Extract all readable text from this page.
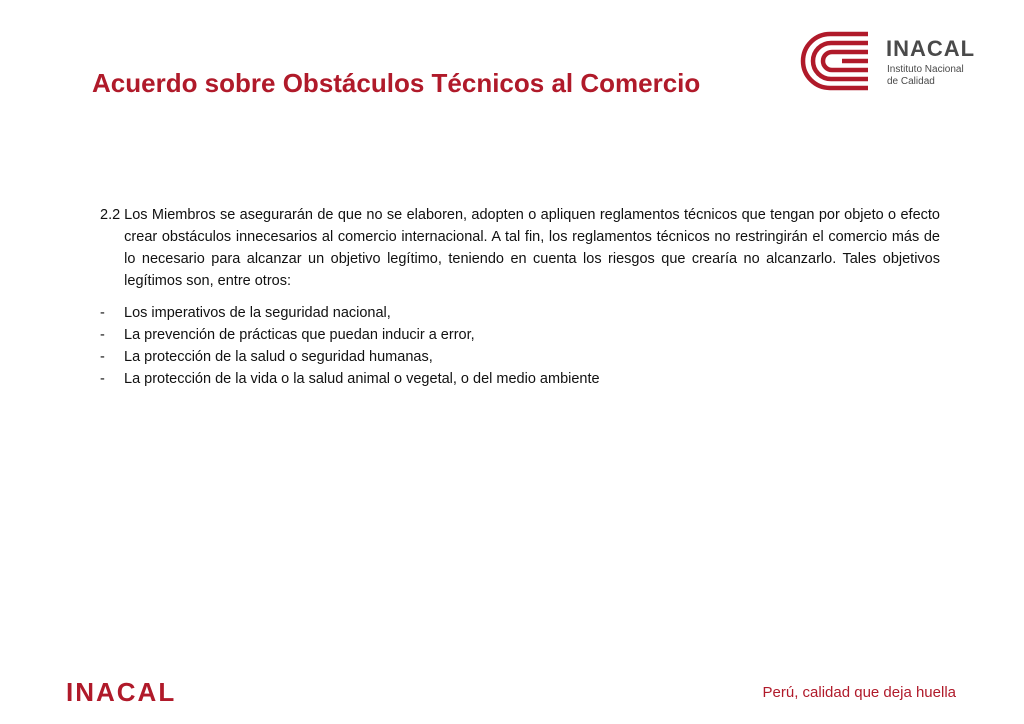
INACAL
Instituto Nacional
de Calidad
Acuerdo sobre Obstáculos Técnicos al Comercio

2.2 Los Miembros se asegurarán de que no se elaboren, adopten o apliquen reglamentos técnicos que tengan por objeto o efecto crear obstáculos innecesarios al comercio internacional. A tal fin, los reglamentos técnicos no restringirán el comercio más de lo necesario para alcanzar un objetivo legítimo, teniendo en cuenta los riesgos que crearía no alcanzarlo. Tales objetivos legítimos son, entre otros:

-	Los imperativos de la seguridad nacional,
-	La prevención de prácticas que puedan inducir a error,
-	La protección de la salud o seguridad humanas,
-	La protección de la vida o la salud animal o vegetal, o del medio ambiente
INACAL	Perú, calidad que deja huella
